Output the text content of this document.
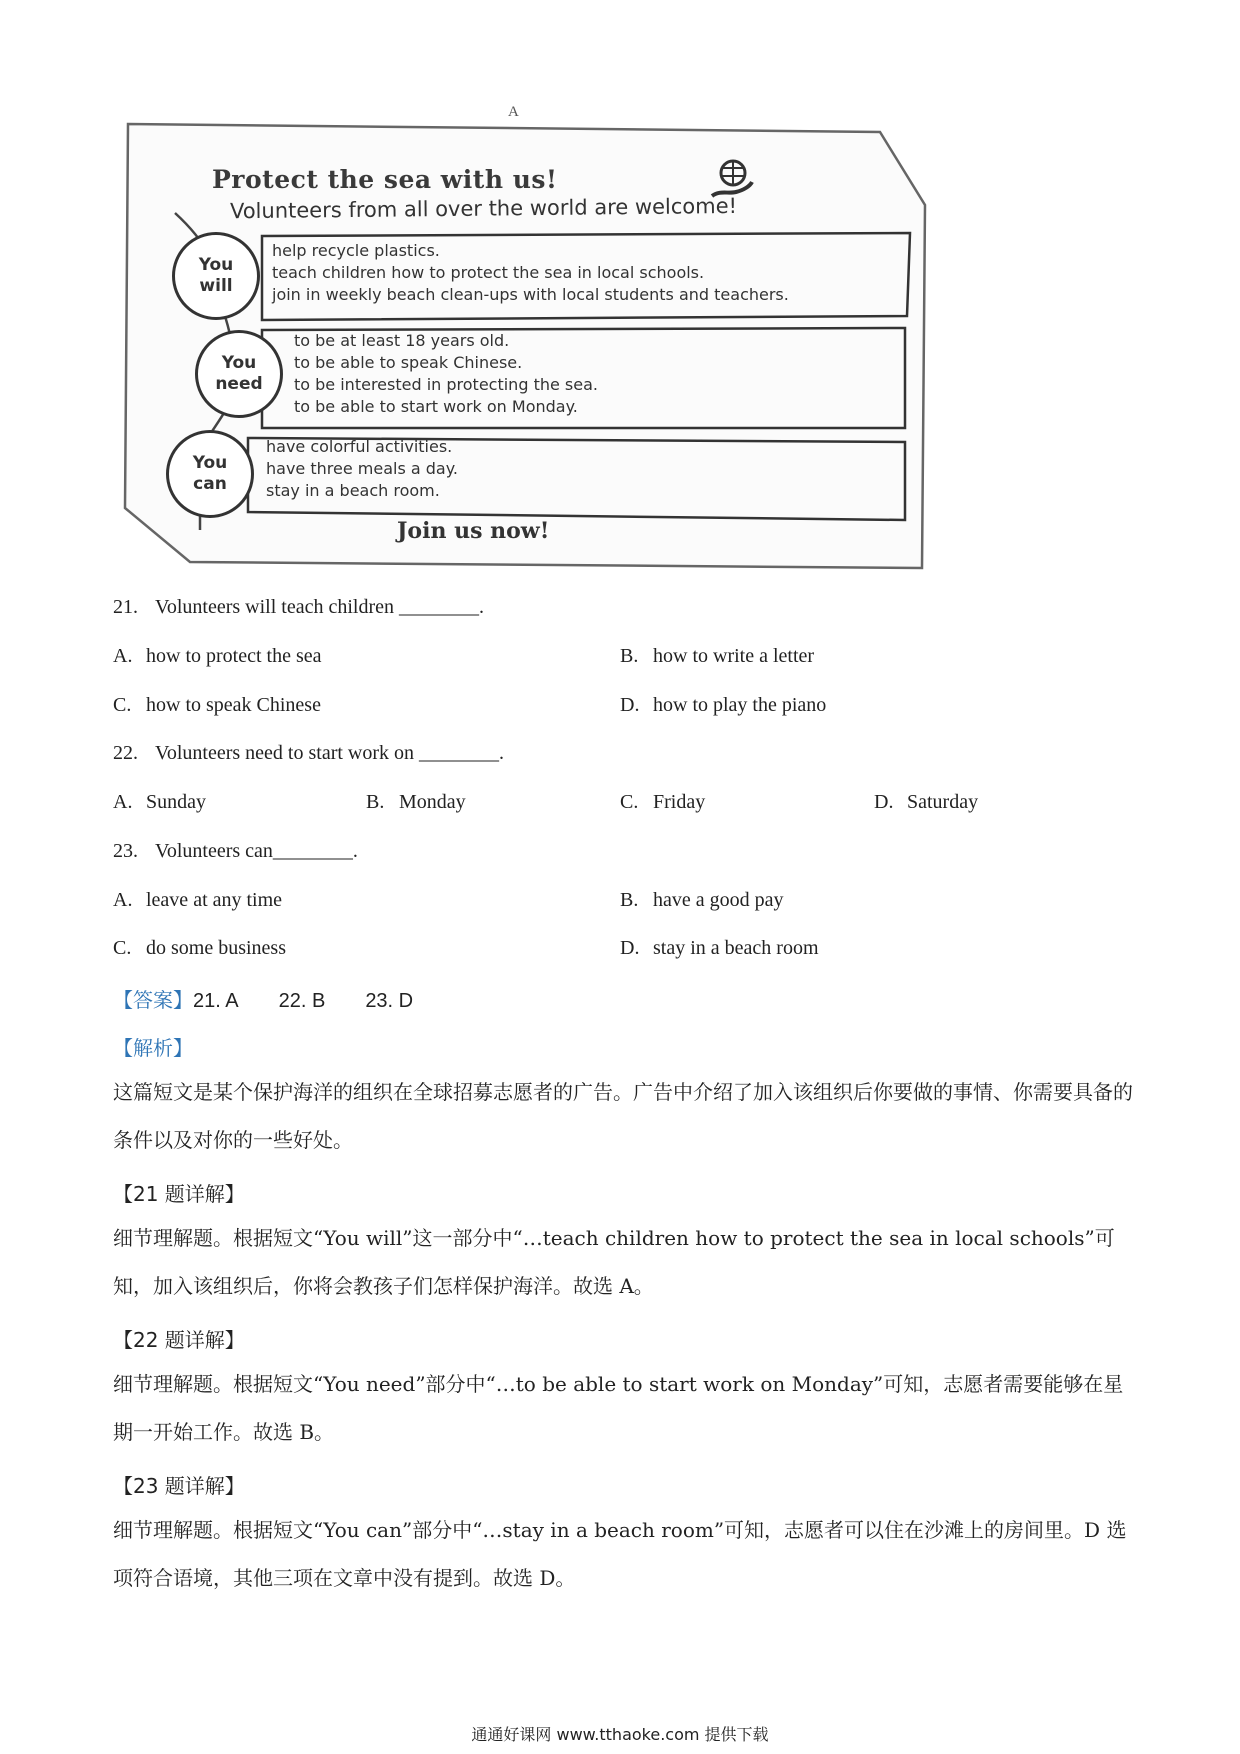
A
Protect the sea with us!
Volunteers from all over the world are welcome!
You
will
help recycle plastics.
teach children how to protect the sea in local schools.
join in weekly beach clean-ups with local students and teachers.
You
need
to be at least 18 years old.
to be able to speak Chinese.
to be interested in protecting the sea.
to be able to start work on Monday.
You
can
have colorful activities.
have three meals a day.
stay in a beach room.
Join us now!
21. Volunteers will teach children ________.
A. how to protect the sea	B. how to write a letter
C. how to speak Chinese	D. how to play the piano
22. Volunteers need to start work on ________.
A. Sunday	B. Monday	C. Friday	D. Saturday
23. Volunteers can________.
A. leave at any time	B. have a good pay
C. do some business	D. stay in a beach room
【答案】21. A 22. B 23. D
【解析】
这篇短文是某个保护海洋的组织在全球招募志愿者的广告。广告中介绍了加入该组织后你要做的事情、你需要具备的条件以及对你的一些好处。
【21 题详解】
细节理解题。根据短文“You will”这一部分中“…teach children how to protect the sea in local schools”可知，加入该组织后，你将会教孩子们怎样保护海洋。故选 A。
【22 题详解】
细节理解题。根据短文“You need”部分中“…to be able to start work on Monday”可知，志愿者需要能够在星期一开始工作。故选 B。
【23 题详解】
细节理解题。根据短文“You can”部分中“…stay in a beach room”可知，志愿者可以住在沙滩上的房间里。D 选项符合语境，其他三项在文章中没有提到。故选 D。
通通好课网 www.tthaoke.com 提供下载
